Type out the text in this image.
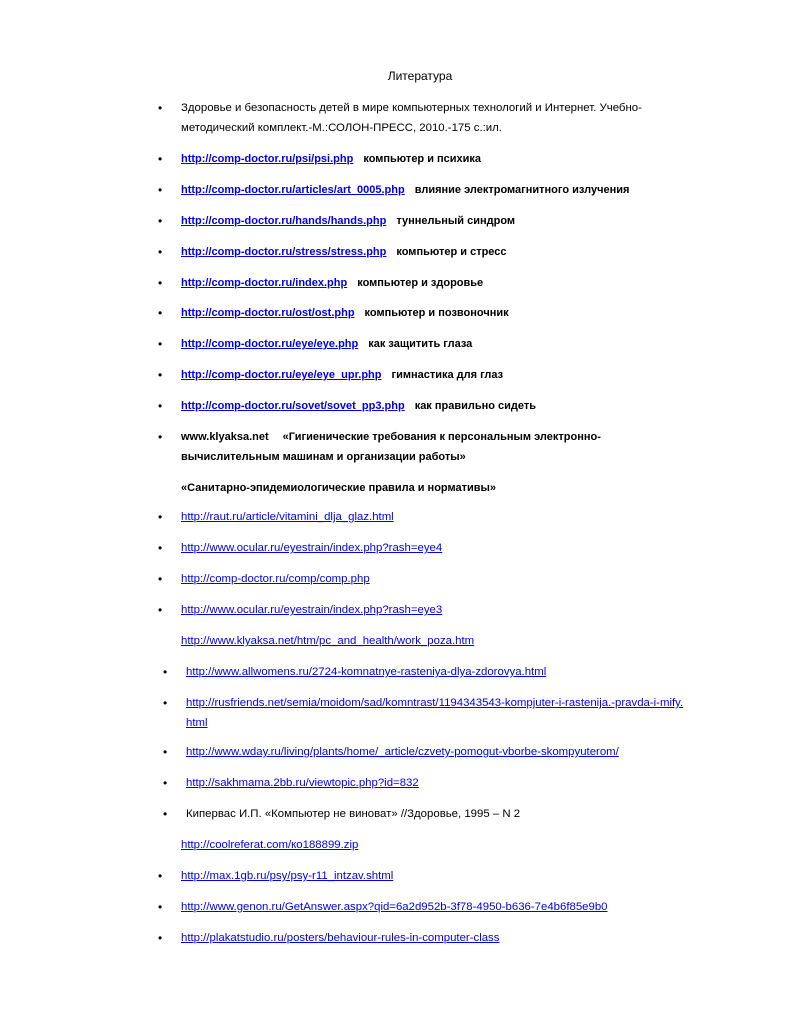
Литература
• Здоровье и безопасность детей в мире компьютерных технологий и Интернет. Учебно-методический комплект.-М.:СОЛОН-ПРЕСС, 2010.-175 с.:ил.
• http://comp-doctor.ru/psi/psi.php компьютер и психика
• http://comp-doctor.ru/articles/art_0005.php влияние электромагнитного излучения
• http://comp-doctor.ru/hands/hands.php туннельный синдром
• http://comp-doctor.ru/stress/stress.php компьютер и стресс
• http://comp-doctor.ru/index.php компьютер и здоровье
• http://comp-doctor.ru/ost/ost.php компьютер и позвоночник
• http://comp-doctor.ru/eye/eye.php как защитить глаза
• http://comp-doctor.ru/eye/eye_upr.php гимнастика для глаз
• http://comp-doctor.ru/sovet/sovet_pp3.php как правильно сидеть
• www.klyaksa.net «Гигиенические требования к персональным электронно-вычислительным машинам и организации работы»
«Санитарно-эпидемиологические правила и нормативы»
• http://raut.ru/article/vitamini_dlja_glaz.html
• http://www.ocular.ru/eyestrain/index.php?rash=eye4
• http://comp-doctor.ru/comp/comp.php
• http://www.ocular.ru/eyestrain/index.php?rash=eye3
http://www.klyaksa.net/htm/pc_and_health/work_poza.htm
• http://www.allwomens.ru/2724-komnatnye-rasteniya-dlya-zdorovya.html
• http://rusfriends.net/semia/moidom/sad/komntrast/1194343543-kompjuter-i-rastenija.-pravda-i-mify.html
• http://www.wday.ru/living/plants/home/_article/czvety-pomogut-vborbe-skompyuterom/
• http://sakhmama.2bb.ru/viewtopic.php?id=832
• Кипервас И.П. «Компьютер не виноват» //Здоровье, 1995 – N 2
http://coolreferat.com/ко188899.zip
• http://max.1gb.ru/psy/psy-r11_intzav.shtml
• http://www.genon.ru/GetAnswer.aspx?qid=6a2d952b-3f78-4950-b636-7e4b6f85e9b0
• http://plakatstudio.ru/posters/behaviour-rules-in-computer-class
